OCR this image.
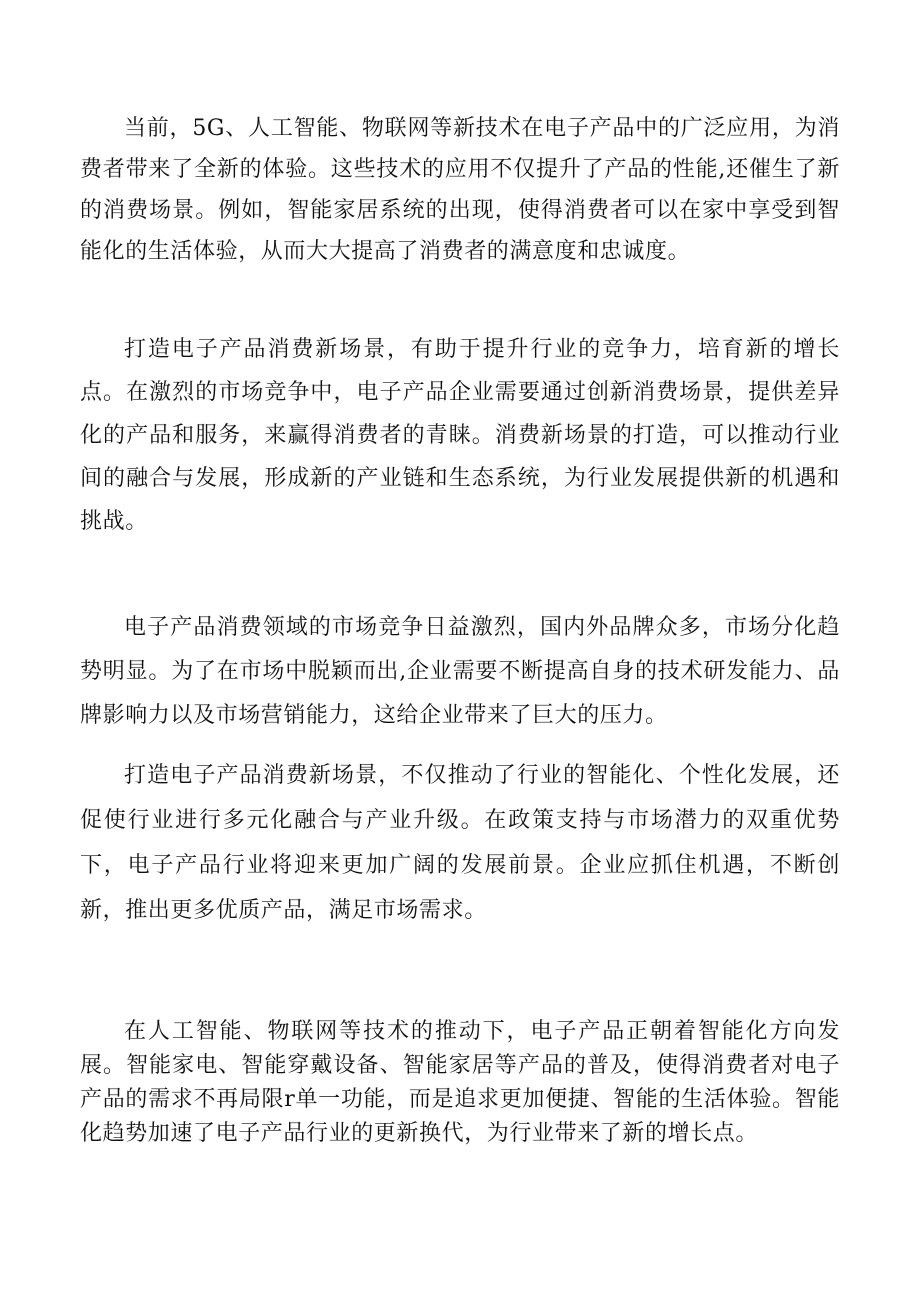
当前，5G、人工智能、物联网等新技术在电子产品中的广泛应用，为消费者带来了全新的体验。这些技术的应用不仅提升了产品的性能,还催生了新的消费场景。例如，智能家居系统的出现，使得消费者可以在家中享受到智能化的生活体验，从而大大提高了消费者的满意度和忠诚度。

打造电子产品消费新场景，有助于提升行业的竞争力，培育新的增长点。在激烈的市场竞争中，电子产品企业需要通过创新消费场景，提供差异化的产品和服务，来赢得消费者的青睐。消费新场景的打造，可以推动行业间的融合与发展，形成新的产业链和生态系统，为行业发展提供新的机遇和挑战。

电子产品消费领域的市场竞争日益激烈，国内外品牌众多，市场分化趋势明显。为了在市场中脱颖而出,企业需要不断提高自身的技术研发能力、品牌影响力以及市场营销能力，这给企业带来了巨大的压力。

打造电子产品消费新场景，不仅推动了行业的智能化、个性化发展，还促使行业进行多元化融合与产业升级。在政策支持与市场潜力的双重优势下，电子产品行业将迎来更加广阔的发展前景。企业应抓住机遇，不断创新，推出更多优质产品，满足市场需求。

在人工智能、物联网等技术的推动下，电子产品正朝着智能化方向发展。智能家电、智能穿戴设备、智能家居等产品的普及，使得消费者对电子产品的需求不再局限r单一功能，而是追求更加便捷、智能的生活体验。智能化趋势加速了电子产品行业的更新换代，为行业带来了新的增长点。
